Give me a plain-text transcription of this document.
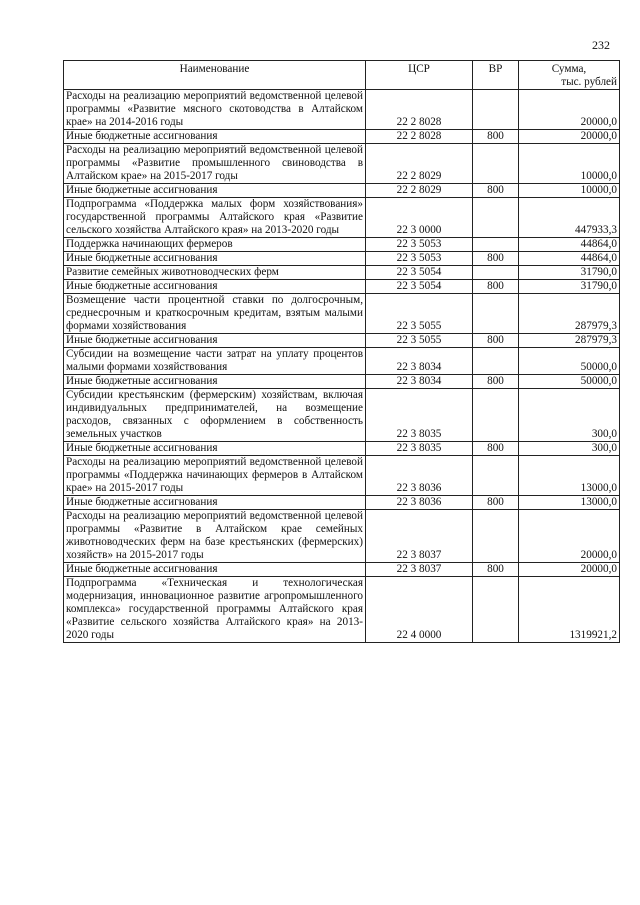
232
Наименование	ЦСР	ВР	Сумма,
тыс. рублей

Расходы на реализацию мероприятий ведомственной целевой программы «Развитие мясного скотоводства в Алтайском крае» на 2014-2016 годы	22 2 8028		20000,0
Иные бюджетные ассигнования	22 2 8028	800	20000,0
Расходы на реализацию мероприятий ведомственной целевой программы «Развитие промышленного свиноводства в Алтайском крае» на 2015-2017 годы	22 2 8029		10000,0
Иные бюджетные ассигнования	22 2 8029	800	10000,0
Подпрограмма «Поддержка малых форм хозяйствования» государственной программы Алтайского края «Развитие сельского хозяйства Алтайского края» на 2013-2020 годы	22 3 0000		447933,3
Поддержка начинающих фермеров	22 3 5053		44864,0
Иные бюджетные ассигнования	22 3 5053	800	44864,0
Развитие семейных животноводческих ферм	22 3 5054		31790,0
Иные бюджетные ассигнования	22 3 5054	800	31790,0
Возмещение части процентной ставки по долгосрочным, среднесрочным и краткосрочным кредитам, взятым малыми формами хозяйствования	22 3 5055		287979,3
Иные бюджетные ассигнования	22 3 5055	800	287979,3
Субсидии на возмещение части затрат на уплату процентов малыми формами хозяйствования	22 3 8034		50000,0
Иные бюджетные ассигнования	22 3 8034	800	50000,0
Субсидии крестьянским (фермерским) хозяйствам, включая индивидуальных предпринимателей, на возмещение расходов, связанных с оформлением в собственность земельных участков	22 3 8035		300,0
Иные бюджетные ассигнования	22 3 8035	800	300,0
Расходы на реализацию мероприятий ведомственной целевой программы «Поддержка начинающих фермеров в Алтайском крае» на 2015-2017 годы	22 3 8036		13000,0
Иные бюджетные ассигнования	22 3 8036	800	13000,0
Расходы на реализацию мероприятий ведомственной целевой программы «Развитие в Алтайском крае семейных животноводческих ферм на базе крестьянских (фермерских) хозяйств» на 2015-2017 годы	22 3 8037		20000,0
Иные бюджетные ассигнования	22 3 8037	800	20000,0
Подпрограмма «Техническая и технологическая модернизация, инновационное развитие агропромышленного комплекса» государственной программы Алтайского края «Развитие сельского хозяйства Алтайского края» на 2013-2020 годы	22 4 0000		1319921,2
